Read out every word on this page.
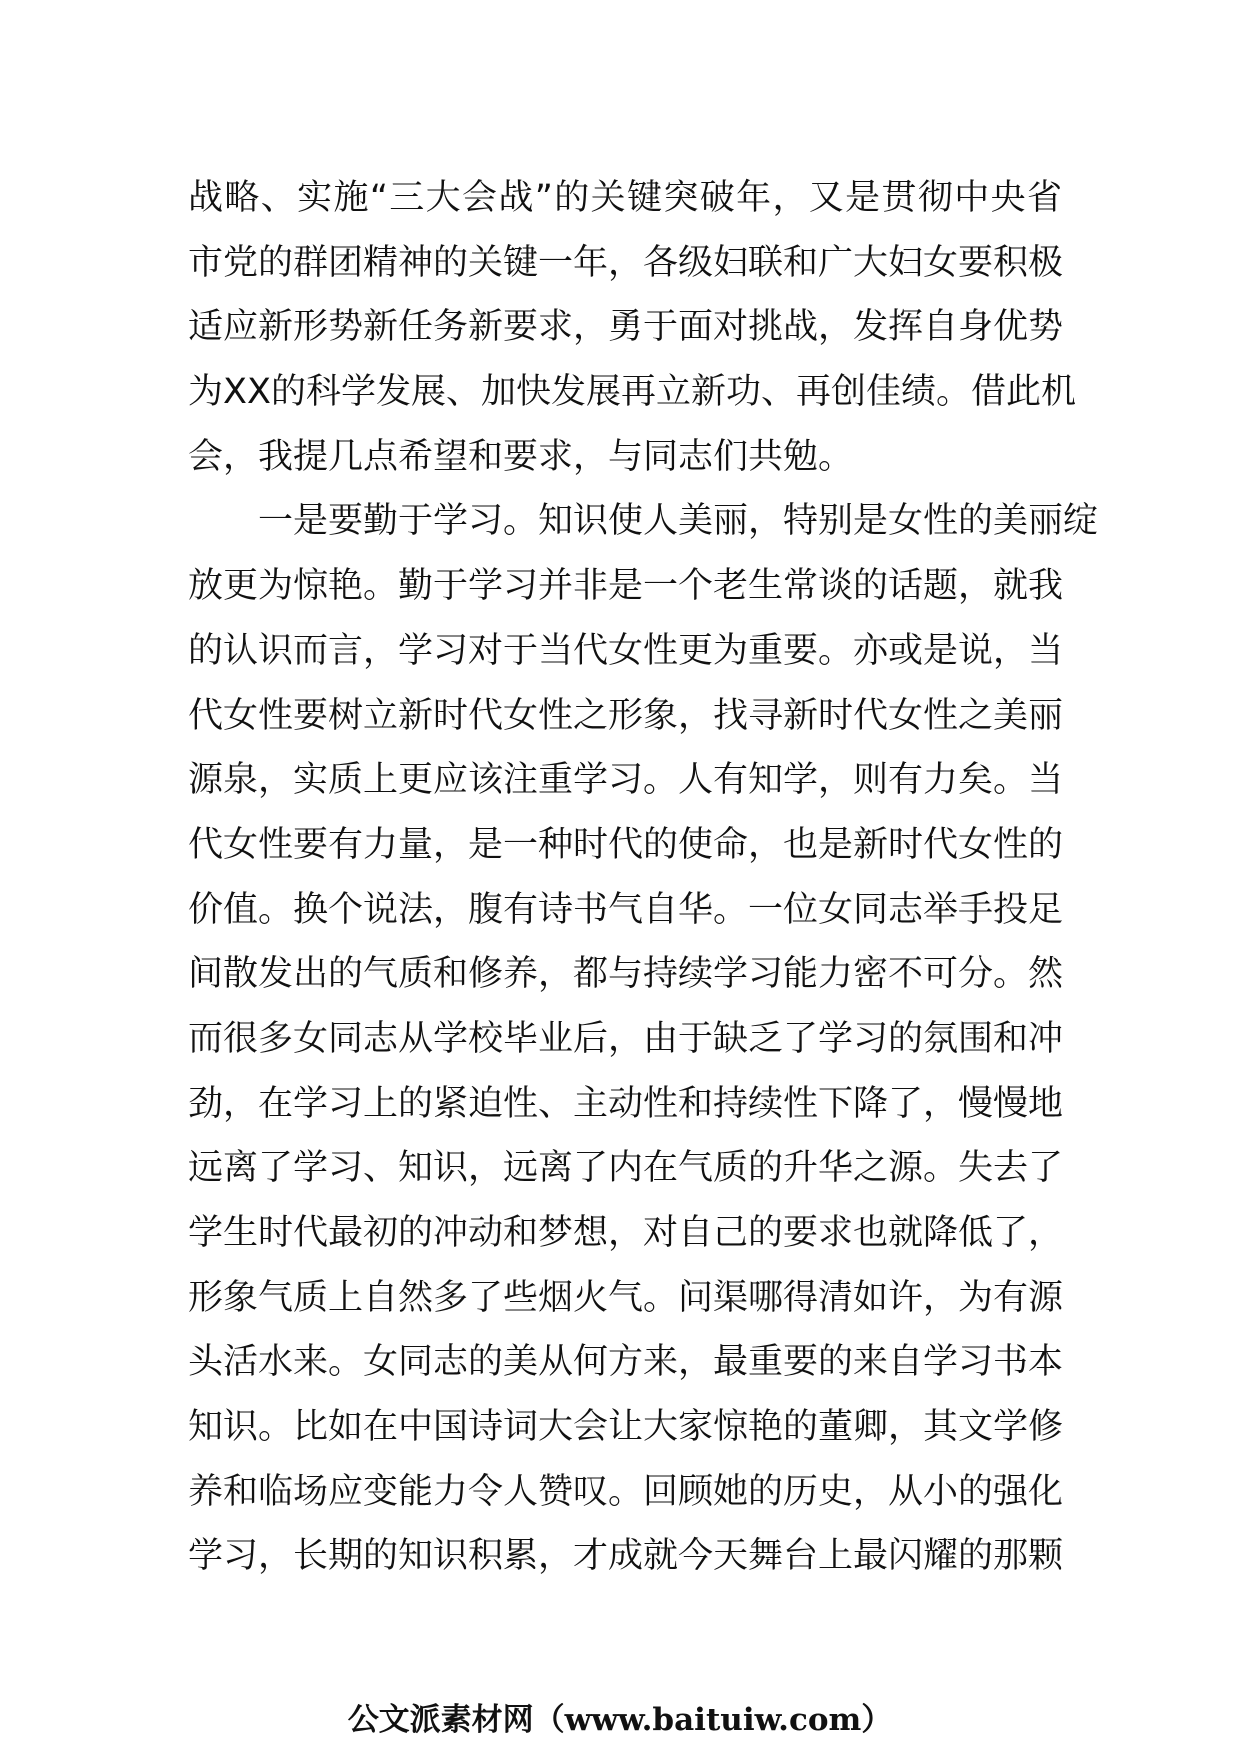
战略、实施“三大会战”的关键突破年，又是贯彻中央省
市党的群团精神的关键一年，各级妇联和广大妇女要积极
适应新形势新任务新要求，勇于面对挑战，发挥自身优势
为XX的科学发展、加快发展再立新功、再创佳绩。借此机
会，我提几点希望和要求，与同志们共勉。
　　一是要勤于学习。知识使人美丽，特别是女性的美丽绽
放更为惊艳。勤于学习并非是一个老生常谈的话题，就我
的认识而言，学习对于当代女性更为重要。亦或是说，当
代女性要树立新时代女性之形象，找寻新时代女性之美丽
源泉，实质上更应该注重学习。人有知学，则有力矣。当
代女性要有力量，是一种时代的使命，也是新时代女性的
价值。换个说法，腹有诗书气自华。一位女同志举手投足
间散发出的气质和修养，都与持续学习能力密不可分。然
而很多女同志从学校毕业后，由于缺乏了学习的氛围和冲
劲，在学习上的紧迫性、主动性和持续性下降了，慢慢地
远离了学习、知识，远离了内在气质的升华之源。失去了
学生时代最初的冲动和梦想，对自己的要求也就降低了，
形象气质上自然多了些烟火气。问渠哪得清如许，为有源
头活水来。女同志的美从何方来，最重要的来自学习书本
知识。比如在中国诗词大会让大家惊艳的董卿，其文学修
养和临场应变能力令人赞叹。回顾她的历史，从小的强化
学习，长期的知识积累，才成就今天舞台上最闪耀的那颗
公文派素材网（www.baituiw.com）
